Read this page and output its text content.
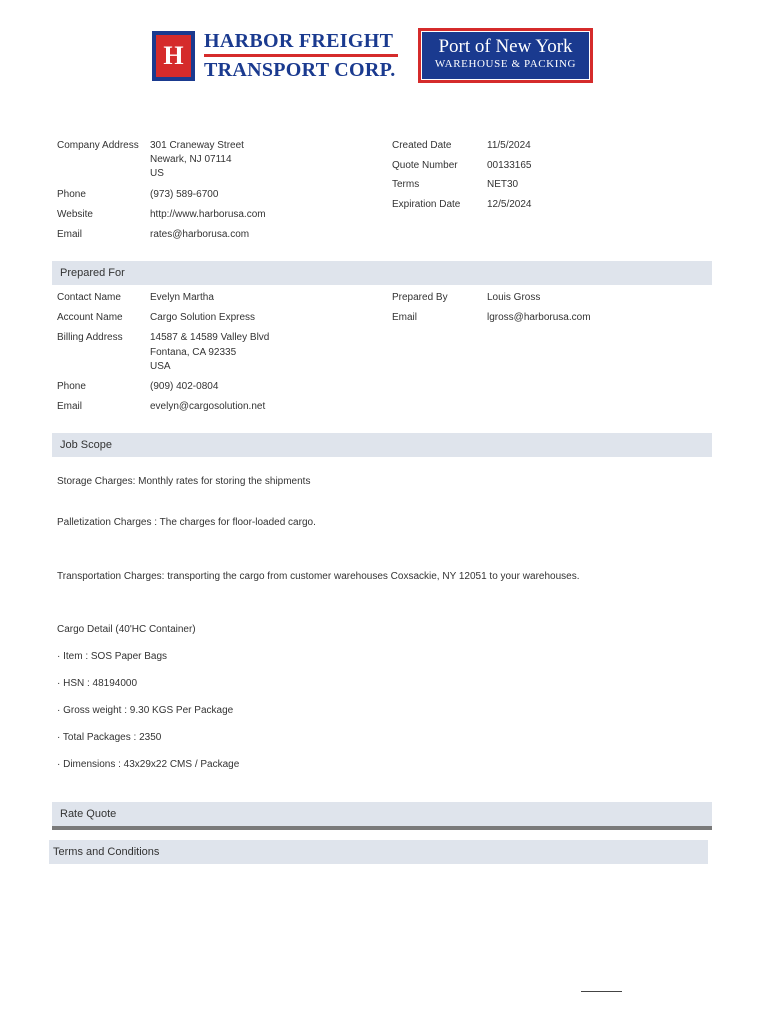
H	HARBOR FREIGHT
TRANSPORT CORP.
Port of New York
WAREHOUSE & PACKING
Company Address 301 Craneway Street
Newark, NJ 07114
US
Phone	(973) 589-6700
Website	http://www.harborusa.com
Email	rates@harborusa.com
Created Date	11/5/2024
Quote Number	00133165
Terms	NET30
Expiration Date	12/5/2024
Prepared For
Contact Name	Evelyn Martha
Account Name	Cargo Solution Express
Billing Address	14587 & 14589 Valley Blvd
Fontana, CA 92335
USA
Phone	(909) 402-0804
Email	evelyn@cargosolution.net
Prepared By	Louis Gross
Email	lgross@harborusa.com
Job Scope
Storage Charges: Monthly rates for storing the shipments
Palletization Charges : The charges for floor-loaded cargo.
Transportation Charges: transporting the cargo from customer warehouses Coxsackie, NY 12051 to your warehouses.
Cargo Detail (40'HC Container)
· Item : SOS Paper Bags
· HSN : 48194000
· Gross weight : 9.30 KGS Per Package
· Total Packages : 2350
· Dimensions : 43x29x22 CMS / Package
Rate Quote
Terms and Conditions
